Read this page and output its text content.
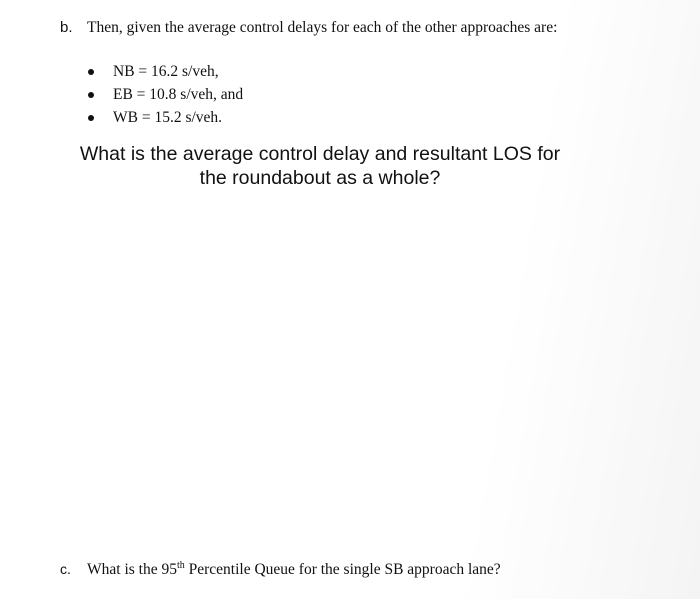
b. Then, given the average control delays for each of the other approaches are:
NB = 16.2 s/veh,
EB = 10.8 s/veh, and
WB = 15.2 s/veh.
What is the average control delay and resultant LOS for
the roundabout as a whole?
c. What is the 95th Percentile Queue for the single SB approach lane?
